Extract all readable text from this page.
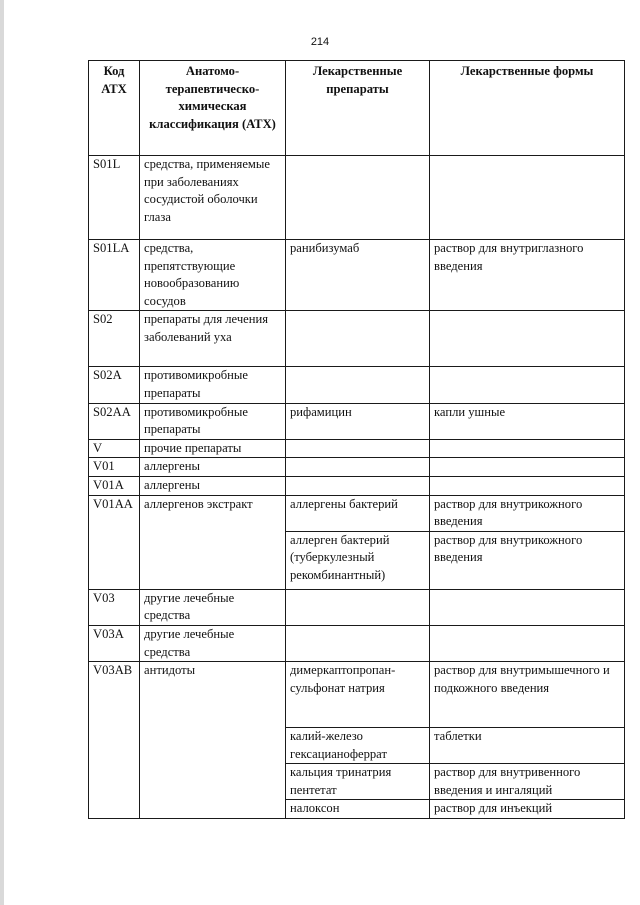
214
Код АТХ	Анатомо-терапевтическо-химическая классификация (АТХ)	Лекарственные препараты	Лекарственные формы
S01L	средства, применяемые при заболеваниях сосудистой оболочки глаза		
S01LA	средства, препятствующие новообразованию сосудов	ранибизумаб	раствор для внутриглазного введения
S02	препараты для лечения заболеваний уха		
S02A	противомикробные препараты		
S02AA	противомикробные препараты	рифамицин	капли ушные
V	прочие препараты		
V01	аллергены		
V01A	аллергены		
V01AA	аллергенов экстракт	аллергены бактерий	раствор для внутрикожного введения
		аллерген бактерий (туберкулезный рекомбинантный)	раствор для внутрикожного введения
V03	другие лечебные средства		
V03A	другие лечебные средства		
V03AB	антидоты	димеркаптопропан-сульфонат натрия	раствор для внутримышечного и подкожного введения
		калий-железо гексацианоферрат	таблетки
		кальция тринатрия пентетат	раствор для внутривенного введения и ингаляций
		налоксон	раствор для инъекций
